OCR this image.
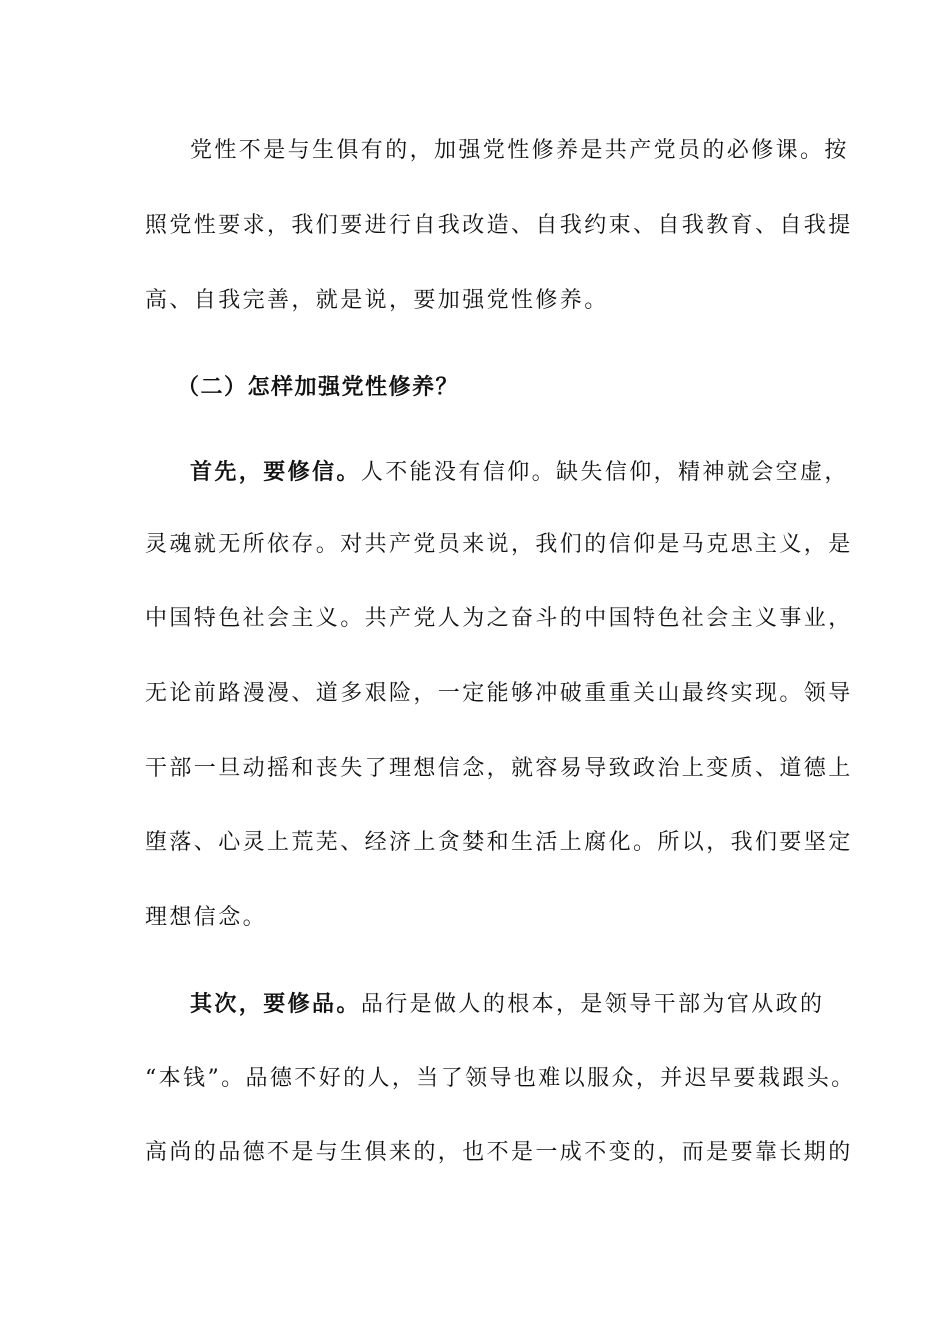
党性不是与生俱有的，加强党性修养是共产党员的必修课。按
照党性要求，我们要进行自我改造、自我约束、自我教育、自我提
高、自我完善，就是说，要加强党性修养。
（二）怎样加强党性修养？
首先，要修信。人不能没有信仰。缺失信仰，精神就会空虚，
灵魂就无所依存。对共产党员来说，我们的信仰是马克思主义，是
中国特色社会主义。共产党人为之奋斗的中国特色社会主义事业，
无论前路漫漫、道多艰险，一定能够冲破重重关山最终实现。领导
干部一旦动摇和丧失了理想信念，就容易导致政治上变质、道德上
堕落、心灵上荒芜、经济上贪婪和生活上腐化。所以，我们要坚定
理想信念。
其次，要修品。品行是做人的根本，是领导干部为官从政的
“本钱”。品德不好的人，当了领导也难以服众，并迟早要栽跟头。
高尚的品德不是与生俱来的，也不是一成不变的，而是要靠长期的
